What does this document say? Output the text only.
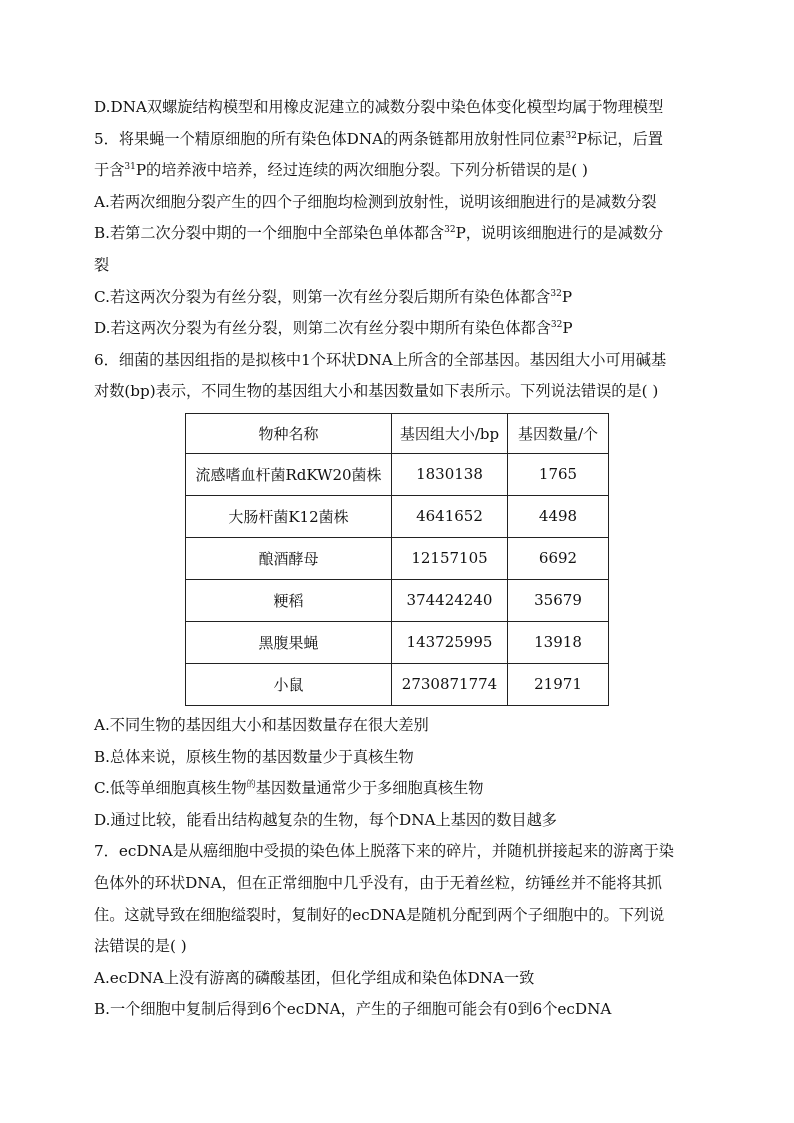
D.DNA双螺旋结构模型和用橡皮泥建立的减数分裂中染色体变化模型均属于物理模型
5．将果蝇一个精原细胞的所有染色体DNA的两条链都用放射性同位素$^{32}$P标记，后置
于含$^{31}$P的培养液中培养，经过连续的两次细胞分裂。下列分析错误的是( )
A.若两次细胞分裂产生的四个子细胞均检测到放射性，说明该细胞进行的是减数分裂
B.若第二次分裂中期的一个细胞中全部染色单体都含$^{32}$P，说明该细胞进行的是减数分
裂
C.若这两次分裂为有丝分裂，则第一次有丝分裂后期所有染色体都含$^{32}$P
D.若这两次分裂为有丝分裂，则第二次有丝分裂中期所有染色体都含$^{32}$P
6．细菌的基因组指的是拟核中1个环状DNA上所含的全部基因。基因组大小可用碱基
对数(bp)表示，不同生物的基因组大小和基因数量如下表所示。下列说法错误的是( )
物种名称	基因组大小/bp	基因数量/个
流感嗜血杆菌RdKW20菌株	1830138	1765
大肠杆菌K12菌株	4641652	4498
酿酒酵母	12157105	6692
粳稻	374424240	35679
黑腹果蝇	143725995	13918
小鼠	2730871774	21971
A.不同生物的基因组大小和基因数量存在很大差别
B.总体来说，原核生物的基因数量少于真核生物
C.低等单细胞真核生物$^的$基因数量通常少于多细胞真核生物
D.通过比较，能看出结构越复杂的生物，每个DNA上基因的数目越多
7．ecDNA是从癌细胞中受损的染色体上脱落下来的碎片，并随机拼接起来的游离于染
色体外的环状DNA，但在正常细胞中几乎没有，由于无着丝粒，纺锤丝并不能将其抓
住。这就导致在细胞缢裂时，复制好的ecDNA是随机分配到两个子细胞中的。下列说
法错误的是( )
A.ecDNA上没有游离的磷酸基团，但化学组成和染色体DNA一致
B.一个细胞中复制后得到6个ecDNA，产生的子细胞可能会有0到6个ecDNA
